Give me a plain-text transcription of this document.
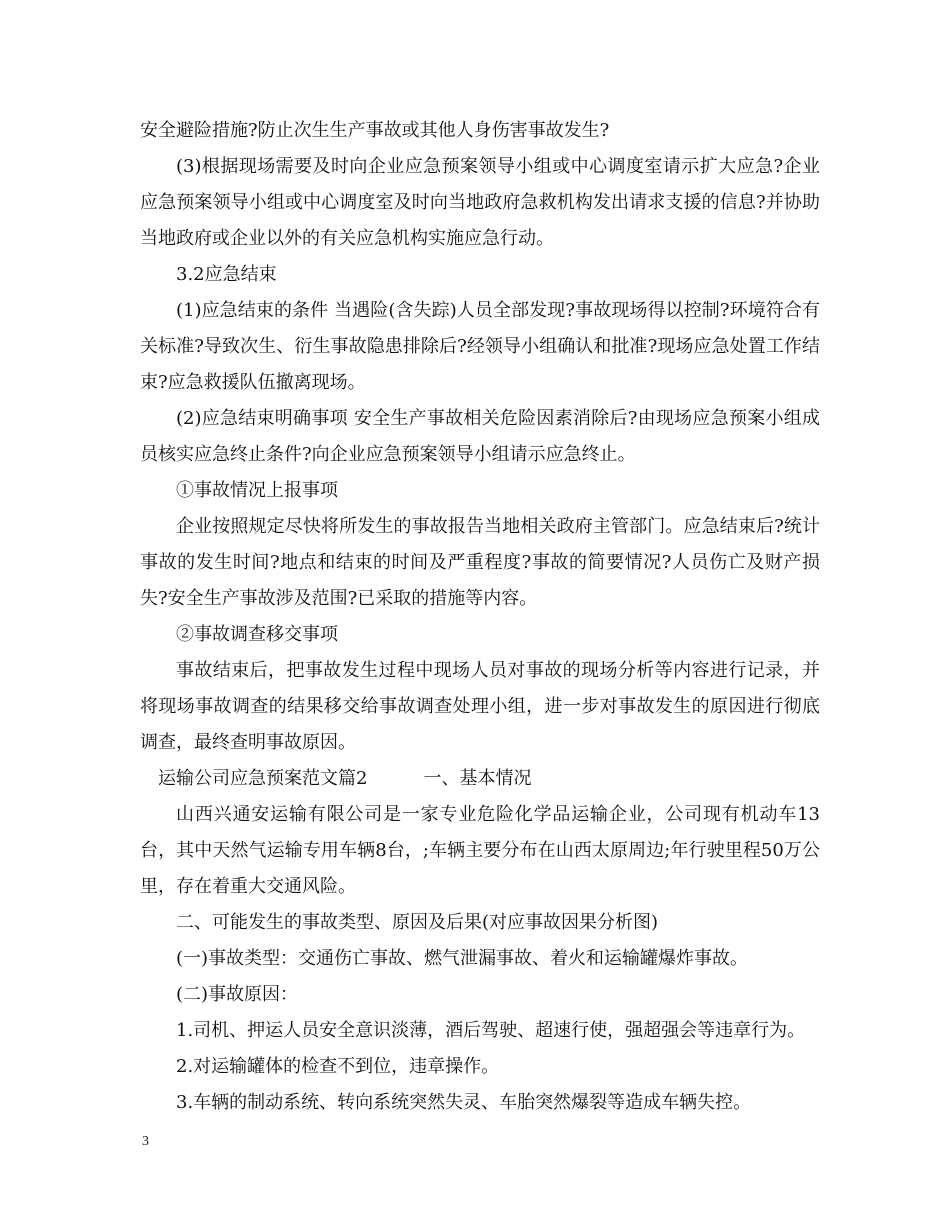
安全避险措施?防止次生生产事故或其他人身伤害事故发生?

(3)根据现场需要及时向企业应急预案领导小组或中心调度室请示扩大应急?企业应急预案领导小组或中心调度室及时向当地政府急救机构发出请求支援的信息?并协助当地政府或企业以外的有关应急机构实施应急行动。

3.2应急结束

(1)应急结束的条件 当遇险(含失踪)人员全部发现?事故现场得以控制?环境符合有关标准?导致次生、衍生事故隐患排除后?经领导小组确认和批准?现场应急处置工作结束?应急救援队伍撤离现场。

(2)应急结束明确事项 安全生产事故相关危险因素消除后?由现场应急预案小组成员核实应急终止条件?向企业应急预案领导小组请示应急终止。

①事故情况上报事项

企业按照规定尽快将所发生的事故报告当地相关政府主管部门。应急结束后?统计事故的发生时间?地点和结束的时间及严重程度?事故的简要情况?人员伤亡及财产损失?安全生产事故涉及范围?已采取的措施等内容。

②事故调查移交事项

事故结束后，把事故发生过程中现场人员对事故的现场分析等内容进行记录，并将现场事故调查的结果移交给事故调查处理小组，进一步对事故发生的原因进行彻底调查，最终查明事故原因。

运输公司应急预案范文篇2	一、基本情况

山西兴通安运输有限公司是一家专业危险化学品运输企业，公司现有机动车13台，其中天然气运输专用车辆8台，;车辆主要分布在山西太原周边;年行驶里程50万公里，存在着重大交通风险。

二、可能发生的事故类型、原因及后果(对应事故因果分析图)

(一)事故类型：交通伤亡事故、燃气泄漏事故、着火和运输罐爆炸事故。

(二)事故原因：

1.司机、押运人员安全意识淡薄，酒后驾驶、超速行使，强超强会等违章行为。

2.对运输罐体的检查不到位，违章操作。

3.车辆的制动系统、转向系统突然失灵、车胎突然爆裂等造成车辆失控。

3
